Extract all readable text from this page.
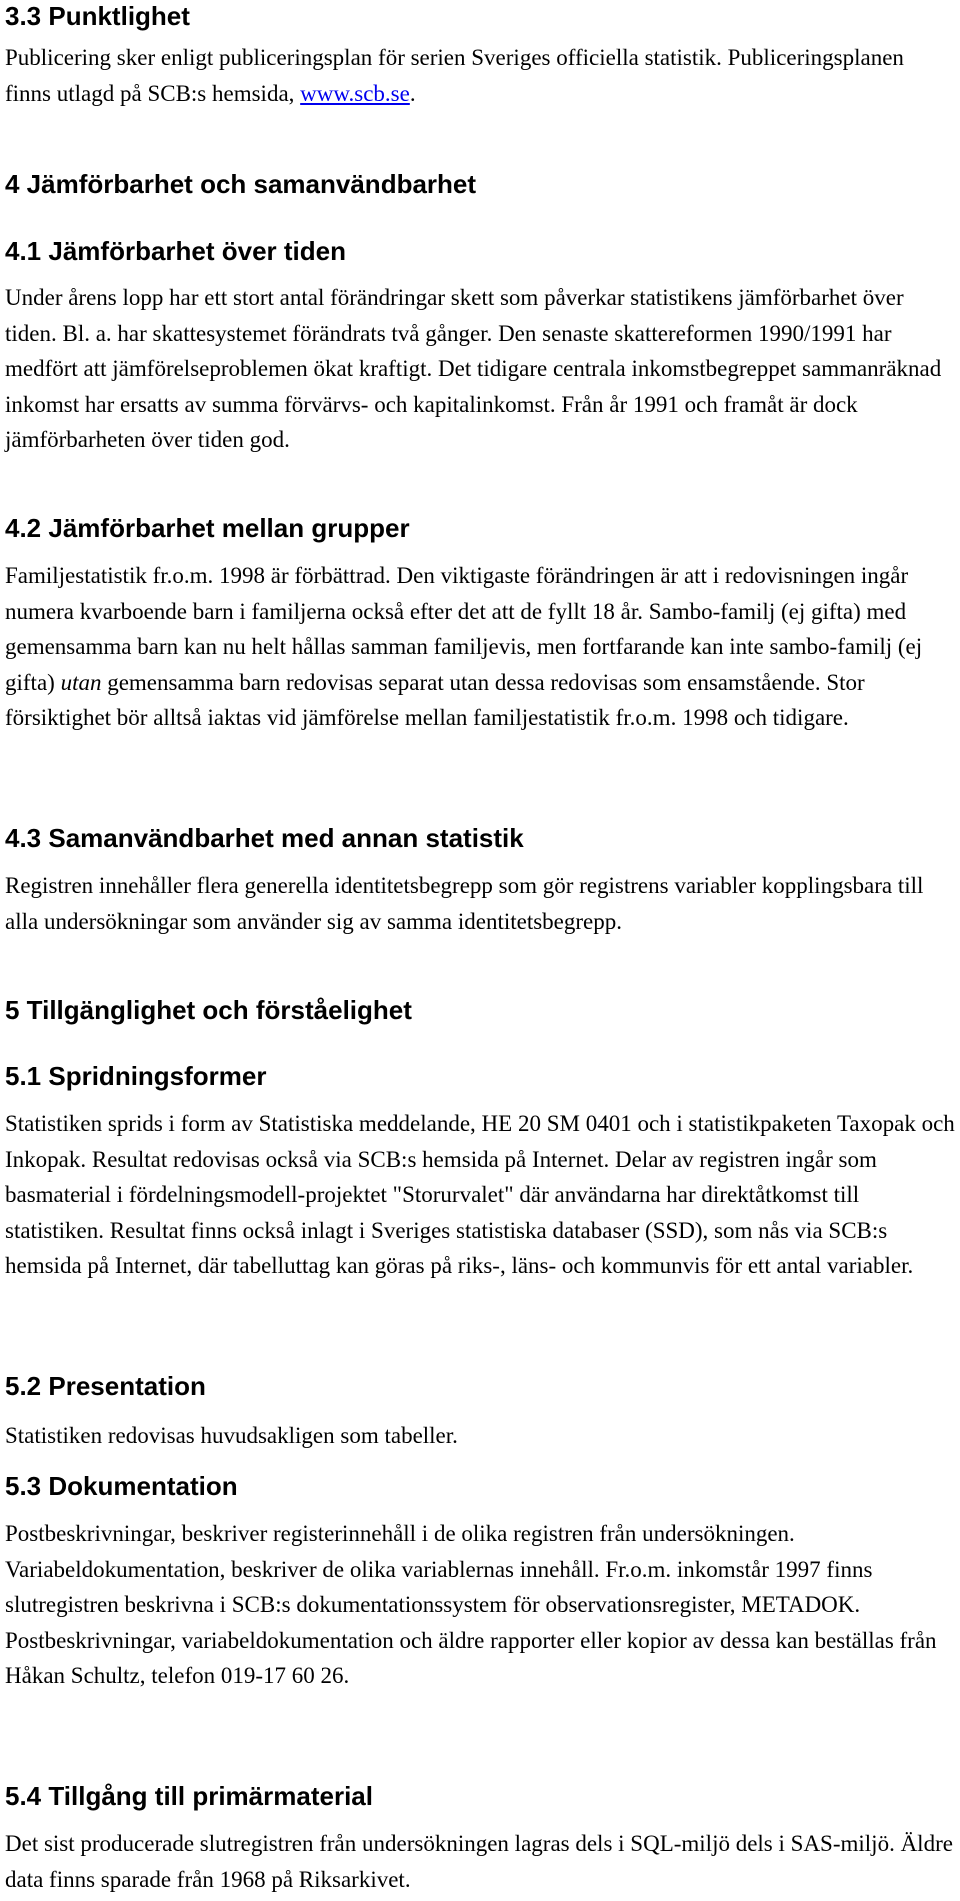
3.3 Punktlighet

Publicering sker enligt publiceringsplan för serien Sveriges officiella statistik. Publiceringsplanen finns utlagd på SCB:s hemsida, www.scb.se.

4 Jämförbarhet och samanvändbarhet
4.1 Jämförbarhet över tiden

Under årens lopp har ett stort antal förändringar skett som påverkar statistikens jämförbarhet över tiden. Bl. a. har skattesystemet förändrats två gånger. Den senaste skattereformen 1990/1991 har medfört att jämförelseproblemen ökat kraftigt. Det tidigare centrala inkomstbegreppet sammanräknad inkomst har ersatts av summa förvärvs- och kapitalinkomst. Från år 1991 och framåt är dock jämförbarheten över tiden god.

4.2 Jämförbarhet mellan grupper

Familjestatistik fr.o.m. 1998 är förbättrad. Den viktigaste förändringen är att i redovisningen ingår numera kvarboende barn i familjerna också efter det att de fyllt 18 år. Sambo-familj (ej gifta) med gemensamma barn kan nu helt hållas samman familjevis, men fortfarande kan inte sambo-familj (ej gifta) utan gemensamma barn redovisas separat utan dessa redovisas som ensamstående. Stor försiktighet bör alltså iaktas vid jämförelse mellan familjestatistik fr.o.m. 1998 och tidigare.

4.3 Samanvändbarhet med annan statistik

Registren innehåller flera generella identitetsbegrepp som gör registrens variabler kopplingsbara till alla undersökningar som använder sig av samma identitetsbegrepp.

5 Tillgänglighet och förståelighet
5.1 Spridningsformer

Statistiken sprids i form av Statistiska meddelande, HE 20 SM 0401 och i statistikpaketen Taxopak och Inkopak. Resultat redovisas också via SCB:s hemsida på Internet. Delar av registren ingår som basmaterial i fördelningsmodell-projektet "Storurvalet" där användarna har direktåtkomst till statistiken. Resultat finns också inlagt i Sveriges statistiska databaser (SSD), som nås via SCB:s hemsida på Internet, där tabelluttag kan göras på riks-, läns- och kommunvis för ett antal variabler.

5.2 Presentation

Statistiken redovisas huvudsakligen som tabeller.

5.3 Dokumentation

Postbeskrivningar, beskriver registerinnehåll i de olika registren från undersökningen. Variabeldokumentation, beskriver de olika variablernas innehåll. Fr.o.m. inkomstår 1997 finns slutregistren beskrivna i SCB:s dokumentationssystem för observationsregister, METADOK. Postbeskrivningar, variabeldokumentation och äldre rapporter eller kopior av dessa kan beställas från Håkan Schultz, telefon 019-17 60 26.

5.4 Tillgång till primärmaterial

Det sist producerade slutregistren från undersökningen lagras dels i SQL-miljö dels i SAS-miljö. Äldre data finns sparade från 1968 på Riksarkivet.
